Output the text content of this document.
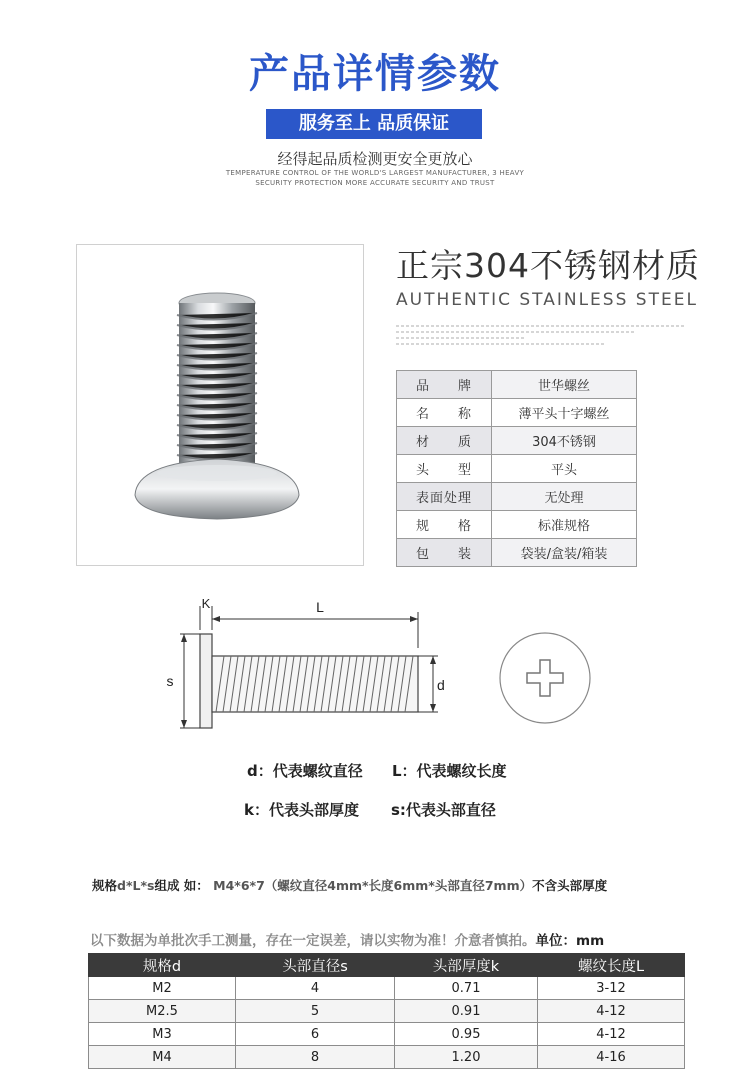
产品详情参数
服务至上 品质保证
经得起品质检测更安全更放心
TEMPERATURE CONTROL OF THE WORLD'S LARGEST MANUFACTURER, 3 HEAVY
SECURITY PROTECTION MORE ACCURATE SECURITY AND TRUST
正宗304不锈钢材质
AUTHENTIC STAINLESS STEEL
品　　牌	世华螺丝
名　　称	薄平头十字螺丝
材　　质	304不锈钢
头　　型	平头
表面处理	无处理
规　　格	标准规格
包　　装	袋装/盒装/箱装
K	L
s	d
d：代表螺纹直径 L：代表螺纹长度
k：代表头部厚度 s:代表头部直径
规格d*L*s组成 如： M4*6*7（螺纹直径4mm*长度6mm*头部直径7mm）不含头部厚度
以下数据为单批次手工测量，存在一定误差，请以实物为准！介意者慎拍。单位：mm
规格d	头部直径s	头部厚度k	螺纹长度L
M2	4	0.71	3-12
M2.5	5	0.91	4-12
M3	6	0.95	4-12
M4	8	1.20	4-16
